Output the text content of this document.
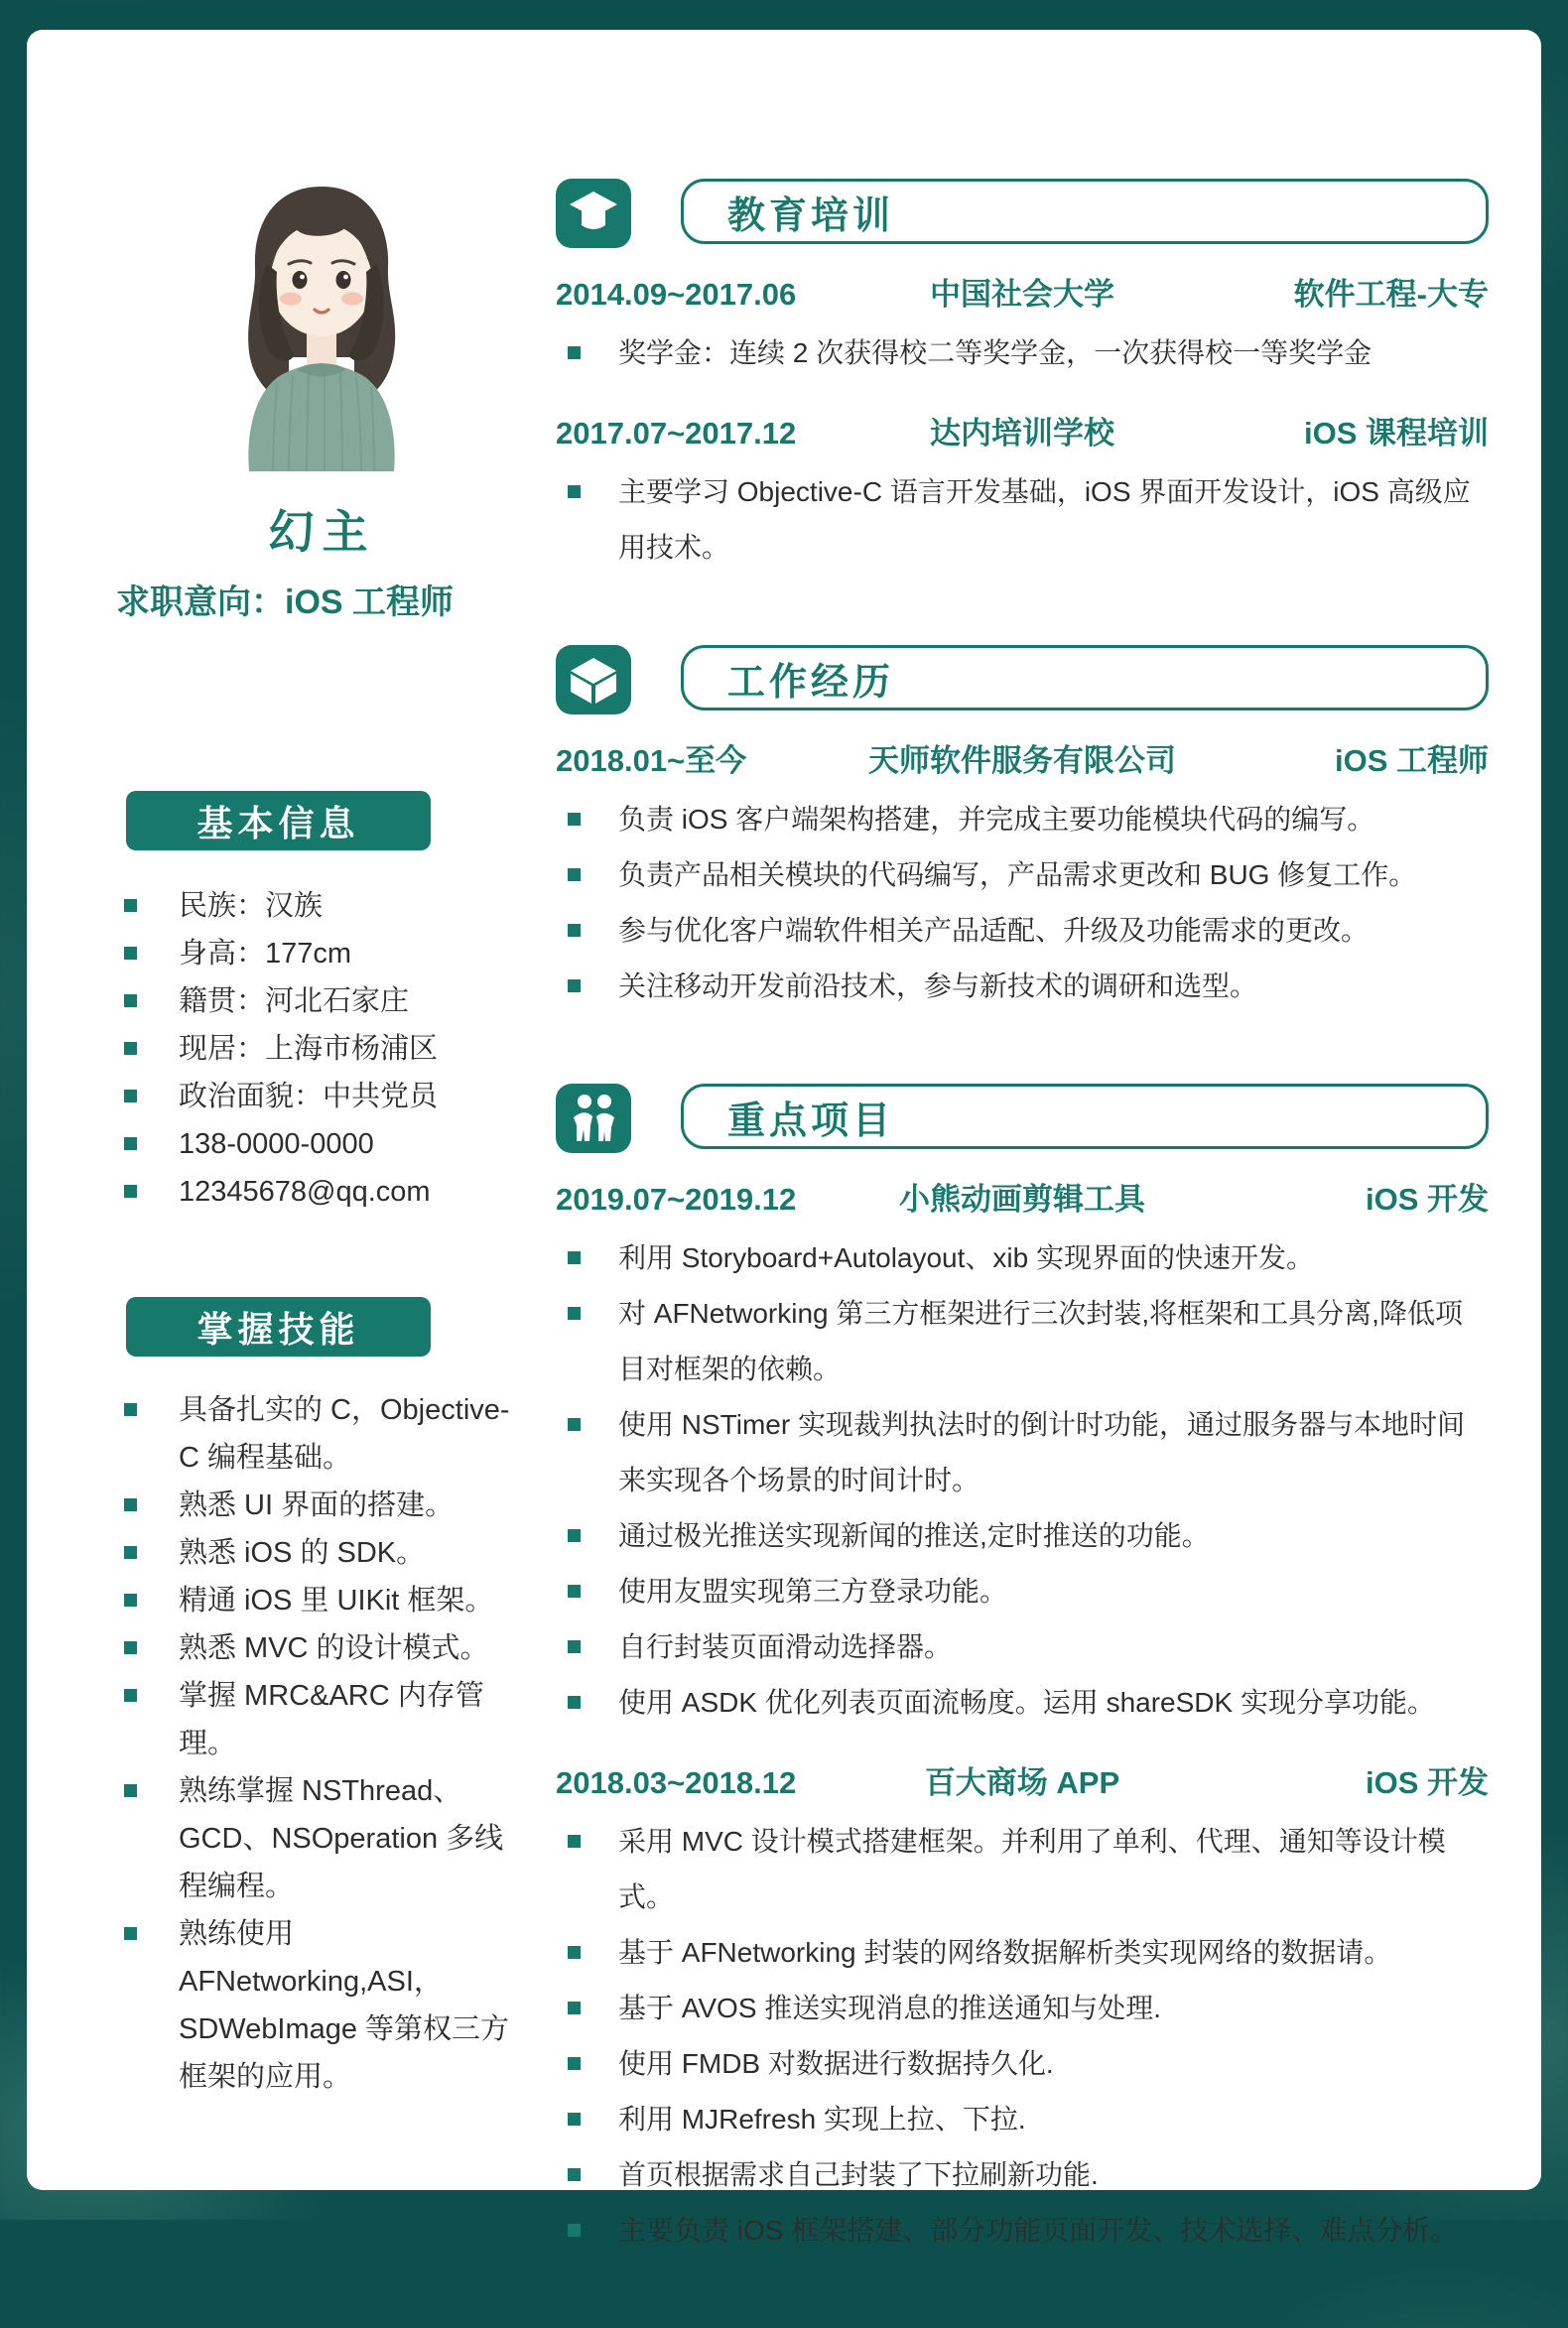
幻主
求职意向：iOS 工程师
基本信息
民族：汉族
身高：177cm
籍贯：河北石家庄
现居：上海市杨浦区
政治面貌：中共党员
138-0000-0000
12345678@qq.com
掌握技能
具备扎实的 C，Objective-C 编程基础。
熟悉 UI 界面的搭建。
熟悉 iOS 的 SDK。
精通 iOS 里 UIKit 框架。
熟悉 MVC 的设计模式。
掌握 MRC&ARC 内存管理。
熟练掌握 NSThread、GCD、NSOperation 多线程编程。
熟练使用 AFNetworking,ASI，SDWebImage 等第权三方框架的应用。
教育培训
2014.09~2017.06	中国社会大学	软件工程-大专
奖学金：连续 2 次获得校二等奖学金，一次获得校一等奖学金
2017.07~2017.12	达内培训学校	iOS 课程培训
主要学习 Objective-C 语言开发基础，iOS 界面开发设计，iOS 高级应用技术。
工作经历
2018.01~至今	天师软件服务有限公司	iOS 工程师
负责 iOS 客户端架构搭建，并完成主要功能模块代码的编写。
负责产品相关模块的代码编写，产品需求更改和 BUG 修复工作。
参与优化客户端软件相关产品适配、升级及功能需求的更改。
关注移动开发前沿技术，参与新技术的调研和选型。
重点项目
2019.07~2019.12	小熊动画剪辑工具	iOS 开发
利用 Storyboard+Autolayout、xib 实现界面的快速开发。
对 AFNetworking 第三方框架进行三次封装,将框架和工具分离,降低项目对框架的依赖。
使用 NSTimer 实现裁判执法时的倒计时功能，通过服务器与本地时间来实现各个场景的时间计时。
通过极光推送实现新闻的推送,定时推送的功能。
使用友盟实现第三方登录功能。
自行封装页面滑动选择器。
使用 ASDK 优化列表页面流畅度。运用 shareSDK 实现分享功能。
2018.03~2018.12	百大商场 APP	iOS 开发
采用 MVC 设计模式搭建框架。并利用了单利、代理、通知等设计模式。
基于 AFNetworking 封装的网络数据解析类实现网络的数据请。
基于 AVOS 推送实现消息的推送通知与处理.
使用 FMDB 对数据进行数据持久化.
利用 MJRefresh 实现上拉、下拉.
首页根据需求自己封装了下拉刷新功能.
主要负责 iOS 框架搭建、部分功能页面开发、技术选择、难点分析。
